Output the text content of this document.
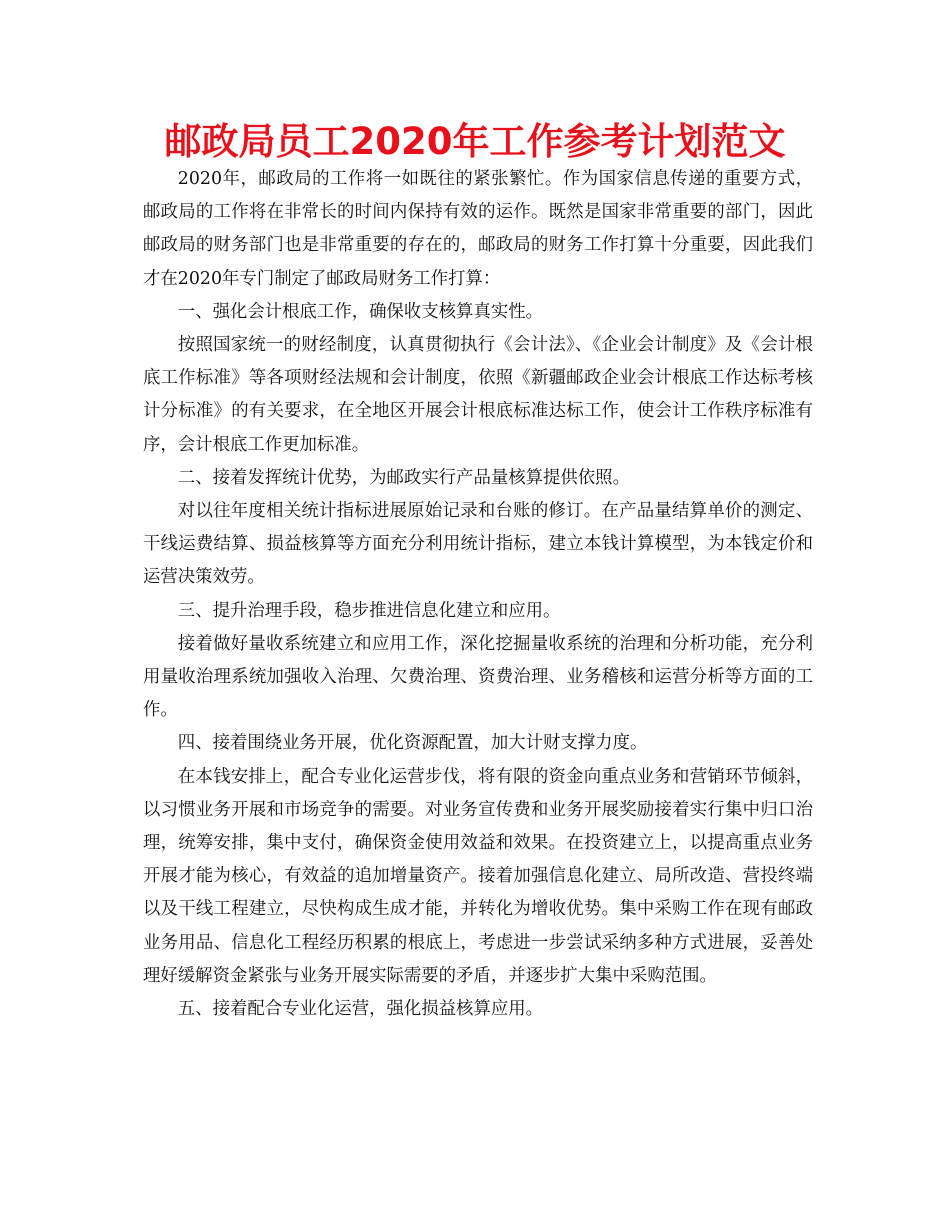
邮政局员工2020年工作参考计划范文

2020年，邮政局的工作将一如既往的紧张繁忙。作为国家信息传递的重要方式，邮政局的工作将在非常长的时间内保持有效的运作。既然是国家非常重要的部门，因此邮政局的财务部门也是非常重要的存在的，邮政局的财务工作打算十分重要，因此我们才在2020年专门制定了邮政局财务工作打算：

一、强化会计根底工作，确保收支核算真实性。

按照国家统一的财经制度，认真贯彻执行《会计法》、《企业会计制度》及《会计根底工作标准》等各项财经法规和会计制度，依照《新疆邮政企业会计根底工作达标考核计分标准》的有关要求，在全地区开展会计根底标准达标工作，使会计工作秩序标准有序，会计根底工作更加标准。

二、接着发挥统计优势，为邮政实行产品量核算提供依照。

对以往年度相关统计指标进展原始记录和台账的修订。在产品量结算单价的测定、干线运费结算、损益核算等方面充分利用统计指标，建立本钱计算模型，为本钱定价和运营决策效劳。

三、提升治理手段，稳步推进信息化建立和应用。

接着做好量收系统建立和应用工作，深化挖掘量收系统的治理和分析功能，充分利用量收治理系统加强收入治理、欠费治理、资费治理、业务稽核和运营分析等方面的工作。

四、接着围绕业务开展，优化资源配置，加大计财支撑力度。

在本钱安排上，配合专业化运营步伐，将有限的资金向重点业务和营销环节倾斜，以习惯业务开展和市场竞争的需要。对业务宣传费和业务开展奖励接着实行集中归口治理，统筹安排，集中支付，确保资金使用效益和效果。在投资建立上，以提高重点业务开展才能为核心，有效益的追加增量资产。接着加强信息化建立、局所改造、营投终端以及干线工程建立，尽快构成生成才能，并转化为增收优势。集中采购工作在现有邮政业务用品、信息化工程经历积累的根底上，考虑进一步尝试采纳多种方式进展，妥善处理好缓解资金紧张与业务开展实际需要的矛盾，并逐步扩大集中采购范围。

五、接着配合专业化运营，强化损益核算应用。
